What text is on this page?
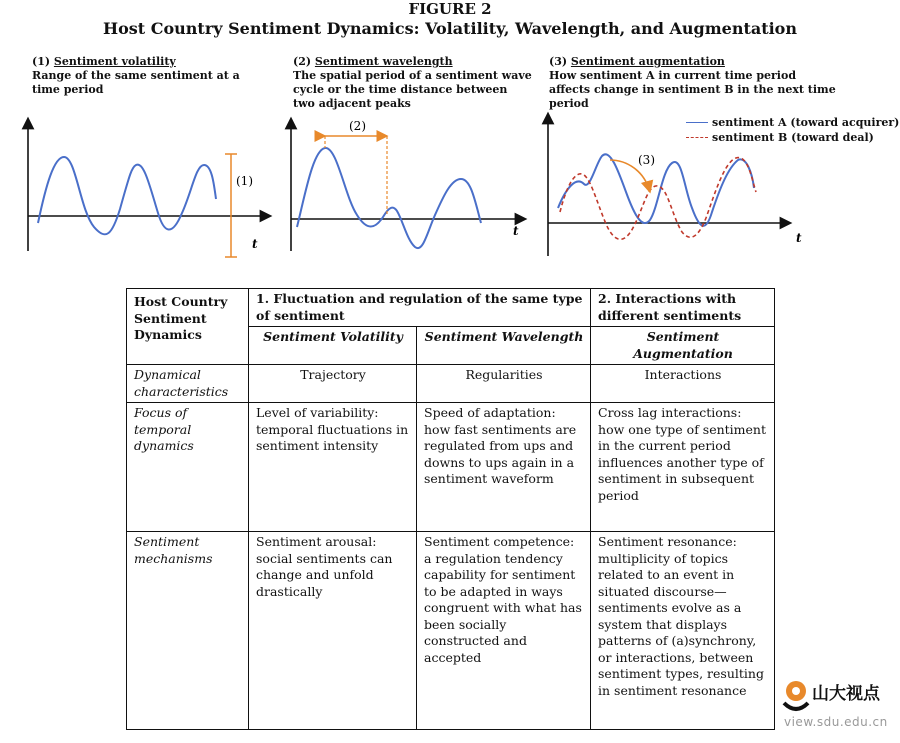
FIGURE 2
Host Country Sentiment Dynamics: Volatility, Wavelength, and Augmentation
(1) Sentiment volatility
Range of the same sentiment at a time period
(2) Sentiment wavelength
The spatial period of a sentiment wave cycle or the time distance between two adjacent peaks
(3) Sentiment augmentation
How sentiment A in current time period affects change in sentiment B in the next time period
(1)
t
(2)
t
(3)
t
sentiment A (toward acquirer)
sentiment B (toward deal)
Host Country Sentiment Dynamics	1. Fluctuation and regulation of the same type of sentiment		2. Interactions with different sentiments
	Sentiment Volatility	Sentiment Wavelength	Sentiment Augmentation
Dynamical characteristics	Trajectory	Regularities	Interactions
Focus of temporal dynamics	Level of variability: temporal fluctuations in sentiment intensity	Speed of adaptation: how fast sentiments are regulated from ups and downs to ups again in a sentiment waveform	Cross lag interactions: how one type of sentiment in the current period influences another type of sentiment in subsequent period
Sentiment mechanisms	Sentiment arousal: social sentiments can change and unfold drastically	Sentiment competence: a regulation tendency capability for sentiment to be adapted in ways congruent with what has been socially constructed and accepted	Sentiment resonance: multiplicity of topics related to an event in situated discourse—sentiments evolve as a system that displays patterns of (a)synchrony, or interactions, between sentiment types, resulting in sentiment resonance	山大视点
view.sdu.edu.cn
